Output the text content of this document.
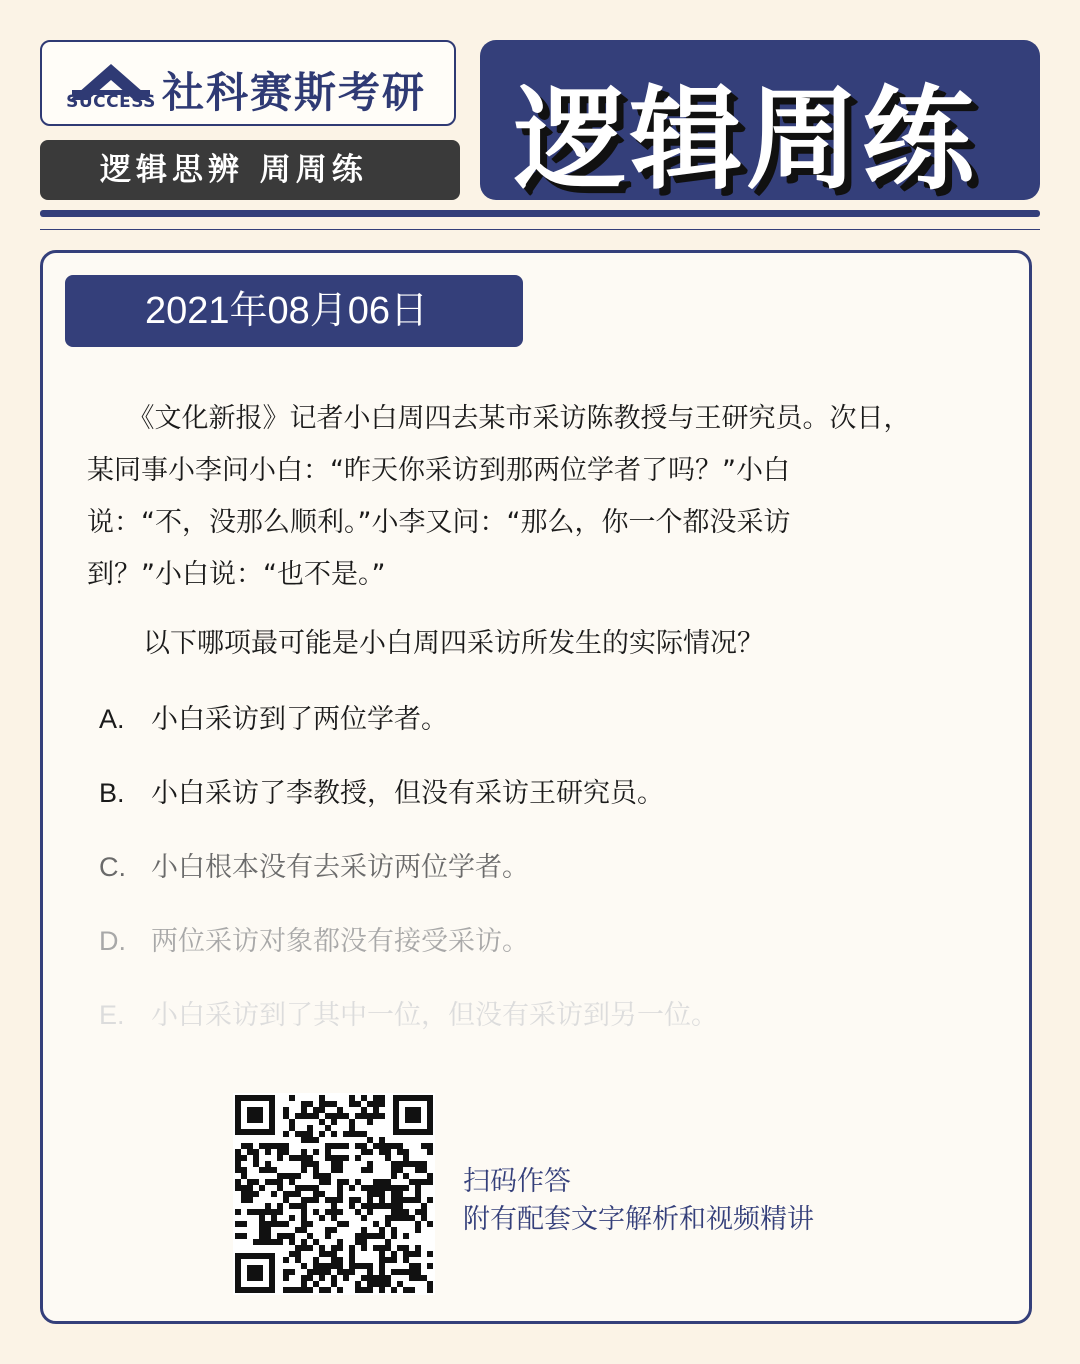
SUCCESS 社科赛斯考研
逻辑思辨 周周练	逻辑周练
2021年08月06日
　　《文化新报》记者小白周四去某市采访陈教授与王研究员。次日，
某同事小李问小白：“昨天你采访到那两位学者了吗？”小白
说：“不，没那么顺利。”小李又问：“那么，你一个都没采访
到？”小白说：“也不是。”
以下哪项最可能是小白周四采访所发生的实际情况？
A. 小白采访到了两位学者。
B. 小白采访了李教授，但没有采访王研究员。
C. 小白根本没有去采访两位学者。
D. 两位采访对象都没有接受采访。
E. 小白采访到了其中一位，但没有采访到另一位。
扫码作答
附有配套文字解析和视频精讲
